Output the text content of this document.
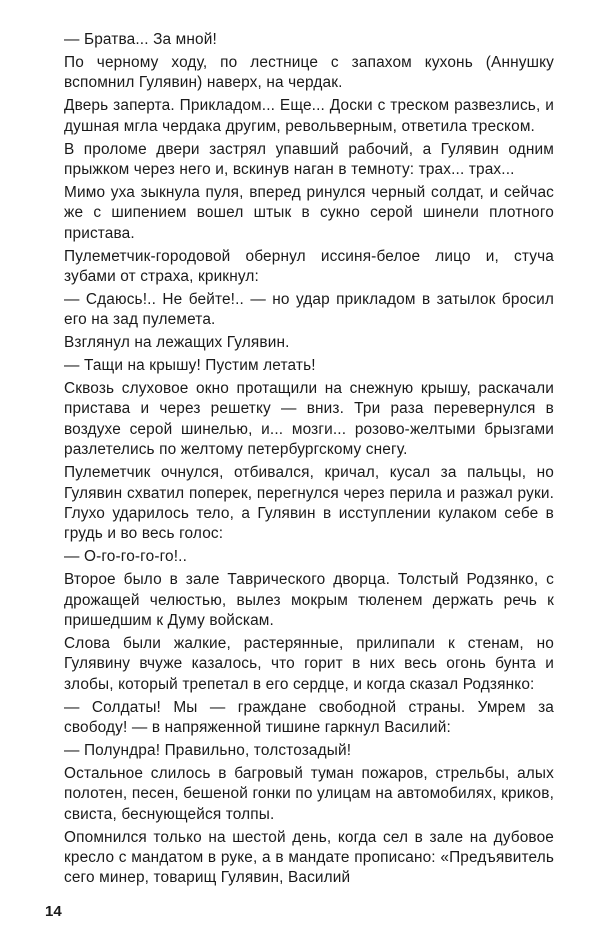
— Братва... За мной!

По черному ходу, по лестнице с запахом кухонь (Аннушку вспомнил Гулявин) наверх, на чердак.

Дверь заперта. Прикладом... Еще... Доски с треском развезлись, и душная мгла чердака другим, револьверным, ответила треском.

В проломе двери застрял упавший рабочий, а Гулявин одним прыжком через него и, вскинув наган в темноту: трах... трах...

Мимо уха зыкнула пуля, вперед ринулся черный солдат, и сейчас же с шипением вошел штык в сукно серой шинели плотного пристава.

Пулеметчик-городовой обернул иссиня-белое лицо и, стуча зубами от страха, крикнул:

— Сдаюсь!.. Не бейте!.. — но удар прикладом в затылок бросил его на зад пулемета.

Взглянул на лежащих Гулявин.

— Тащи на крышу! Пустим летать!

Сквозь слуховое окно протащили на снежную крышу, раскачали пристава и через решетку — вниз. Три раза перевернулся в воздухе серой шинелью, и... мозги... розово-желтыми брызгами разлетелись по желтому петербургскому снегу.

Пулеметчик очнулся, отбивался, кричал, кусал за пальцы, но Гулявин схватил поперек, перегнулся через перила и разжал руки. Глухо ударилось тело, а Гулявин в исступлении кулаком себе в грудь и во весь голос:

— О-го-го-го-го!..

Второе было в зале Таврического дворца. Толстый Родзянко, с дрожащей челюстью, вылез мокрым тюленем держать речь к пришедшим к Думу войскам.

Слова были жалкие, растерянные, прилипали к стенам, но Гулявину вчуже казалось, что горит в них весь огонь бунта и злобы, который трепетал в его сердце, и когда сказал Родзянко:

— Солдаты! Мы — граждане свободной страны. Умрем за свободу! — в напряженной тишине гаркнул Василий:

— Полундра! Правильно, толстозадый!

Остальное слилось в багровый туман пожаров, стрельбы, алых полотен, песен, бешеной гонки по улицам на автомобилях, криков, свиста, беснующейся толпы.

Опомнился только на шестой день, когда сел в зале на дубовое кресло с мандатом в руке, а в мандате прописано: «Предъявитель сего минер, товарищ Гулявин, Василий

14
